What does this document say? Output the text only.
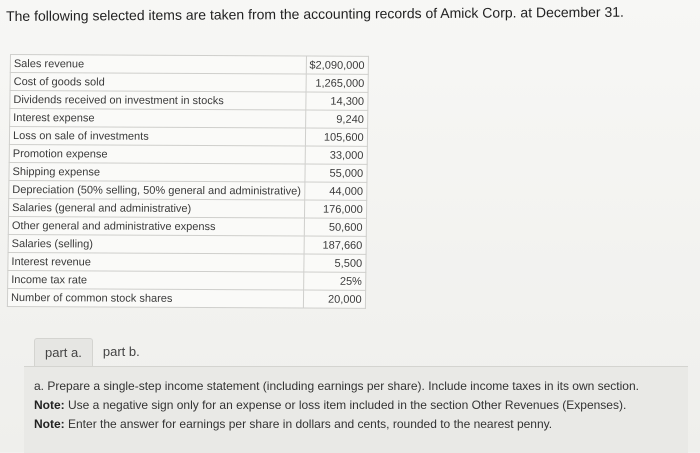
The following selected items are taken from the accounting records of Amick Corp. at December 31.
Sales revenue	$2,090,000
Cost of goods sold	1,265,000
Dividends received on investment in stocks	14,300
Interest expense	9,240
Loss on sale of investments	105,600
Promotion expense	33,000
Shipping expense	55,000
Depreciation (50% selling, 50% general and administrative)	44,000
Salaries (general and administrative)	176,000
Other general and administrative expenss	50,600
Salaries (selling)	187,660
Interest revenue	5,500
Income tax rate	25%
Number of common stock shares	20,000
part a.	part b.
a. Prepare a single-step income statement (including earnings per share). Include income taxes in its own section.
Note: Use a negative sign only for an expense or loss item included in the section Other Revenues (Expenses).
Note: Enter the answer for earnings per share in dollars and cents, rounded to the nearest penny.
